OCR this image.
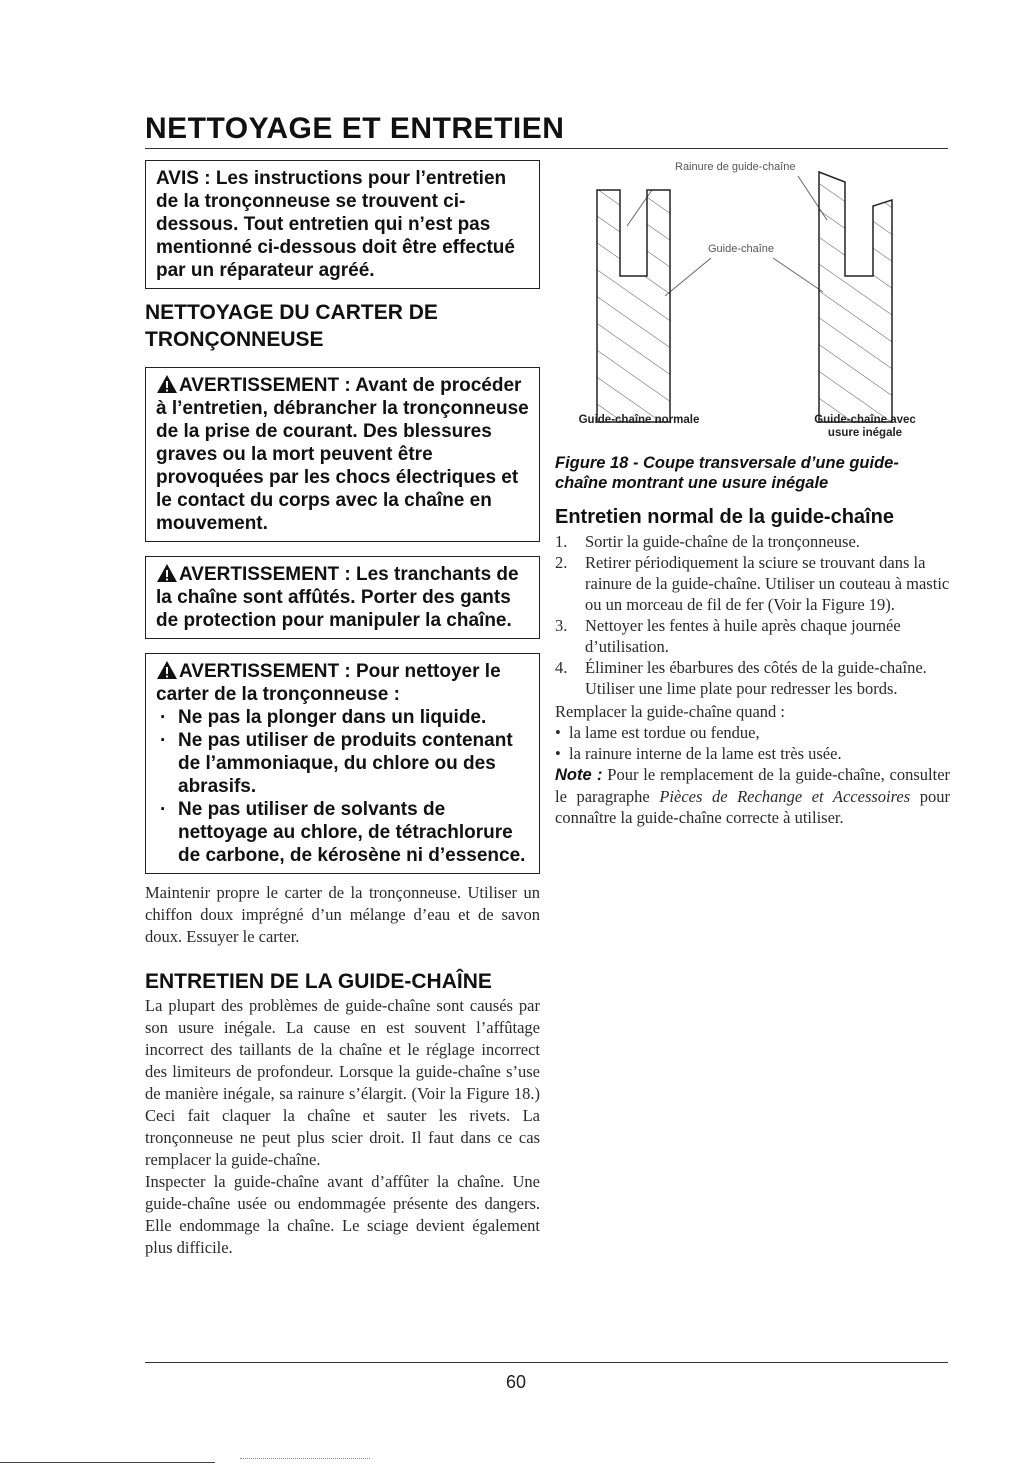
NETTOYAGE ET ENTRETIEN
AVIS : Les instructions pour l’entretien de la tronçonneuse se trouvent ci-dessous. Tout entretien qui n’est pas mentionné ci-dessous doit être effectué par un réparateur agréé.
NETTOYAGE DU CARTER DE TRONÇONNEUSE
AVERTISSEMENT : Avant de procéder à l’entretien, débrancher la tronçonneuse de la prise de courant. Des blessures graves ou la mort peuvent être provoquées par les chocs électriques et le contact du corps avec la chaîne en mouvement.
AVERTISSEMENT : Les tranchants de la chaîne sont affûtés. Porter des gants de protection pour manipuler la chaîne.
AVERTISSEMENT : Pour nettoyer le carter de la tronçonneuse :
· Ne pas la plonger dans un liquide.
· Ne pas utiliser de produits contenant de l’ammoniaque, du chlore ou des abrasifs.
· Ne pas utiliser de solvants de nettoyage au chlore, de tétrachlorure de carbone, de kérosène ni d’essence.

Maintenir propre le carter de la tronçonneuse. Utiliser un chiffon doux imprégné d’un mélange d’eau et de savon doux. Essuyer le carter.

ENTRETIEN DE LA GUIDE-CHAÎNE

La plupart des problèmes de guide-chaîne sont causés par son usure inégale. La cause en est souvent l’affûtage incorrect des taillants de la chaîne et le réglage incorrect des limiteurs de profondeur. Lorsque la guide-chaîne s’use de manière inégale, sa rainure s’élargit. (Voir la Figure 18.) Ceci fait claquer la chaîne et sauter les rivets. La tronçonneuse ne peut plus scier droit. Il faut dans ce cas remplacer la guide-chaîne.

Inspecter la guide-chaîne avant d’affûter la chaîne. Une guide-chaîne usée ou endommagée présente des dangers. Elle endommage la chaîne. Le sciage devient également plus difficile.

Rainure de guide-chaîne
Guide-chaîne
Guide-chaîne normale	Guide-chaîne avec usure inégale

Figure 18 - Coupe transversale d’une guide-chaîne montrant une usure inégale

Entretien normal de la guide-chaîne
1. Sortir la guide-chaîne de la tronçonneuse.
2. Retirer périodiquement la sciure se trouvant dans la rainure de la guide-chaîne. Utiliser un couteau à mastic ou un morceau de fil de fer (Voir la Figure 19).
3. Nettoyer les fentes à huile après chaque journée d’utilisation.
4. Éliminer les ébarbures des côtés de la guide-chaîne. Utiliser une lime plate pour redresser les bords.

Remplacer la guide-chaîne quand :

• la lame est tordue ou fendue,
• la rainure interne de la lame est très usée.

Note : Pour le remplacement de la guide-chaîne, consulter le paragraphe Pièces de Rechange et Accessoires pour connaître la guide-chaîne correcte à utiliser.

60
